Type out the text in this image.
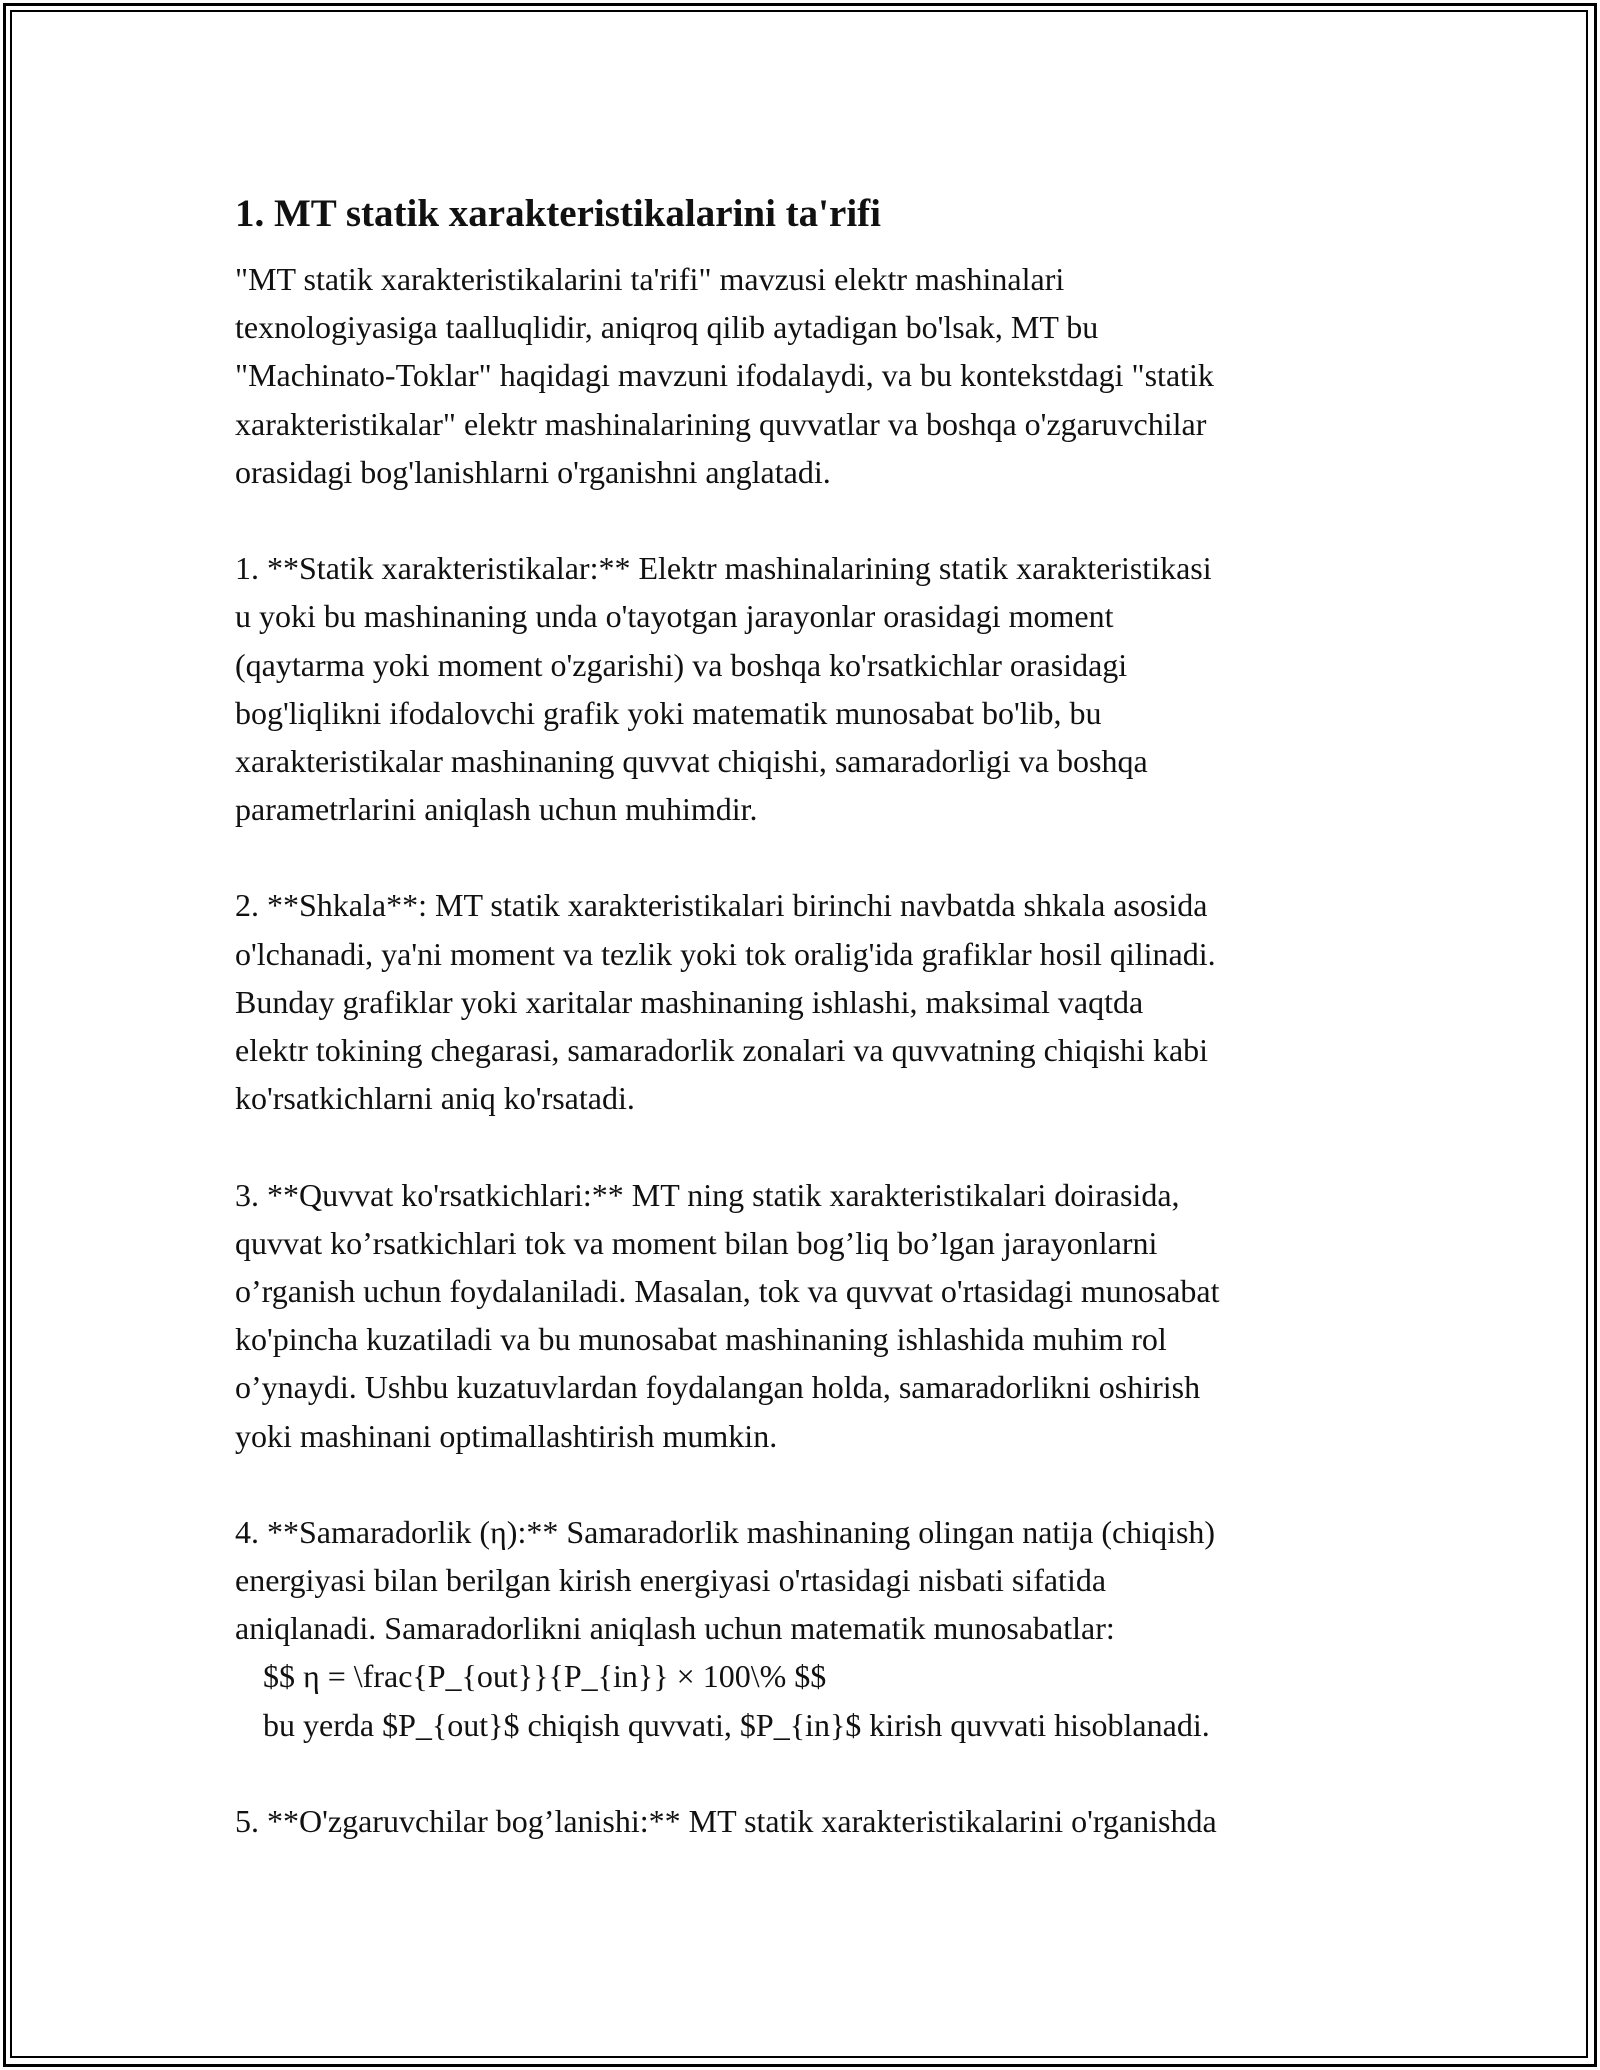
1. MT statik xarakteristikalarini ta'rifi
"MT statik xarakteristikalarini ta'rifi" mavzusi elektr mashinalari
texnologiyasiga taalluqlidir, aniqroq qilib aytadigan bo'lsak, MT bu
"Machinato-Toklar" haqidagi mavzuni ifodalaydi, va bu kontekstdagi "statik
xarakteristikalar" elektr mashinalarining quvvatlar va boshqa o'zgaruvchilar
orasidagi bog'lanishlarni o'rganishni anglatadi.
1. **Statik xarakteristikalar:** Elektr mashinalarining statik xarakteristikasi
u yoki bu mashinaning unda o'tayotgan jarayonlar orasidagi moment
(qaytarma yoki moment o'zgarishi) va boshqa ko'rsatkichlar orasidagi
bog'liqlikni ifodalovchi grafik yoki matematik munosabat bo'lib, bu
xarakteristikalar mashinaning quvvat chiqishi, samaradorligi va boshqa
parametrlarini aniqlash uchun muhimdir.
2. **Shkala**: MT statik xarakteristikalari birinchi navbatda shkala asosida
o'lchanadi, ya'ni moment va tezlik yoki tok oralig'ida grafiklar hosil qilinadi.
Bunday grafiklar yoki xaritalar mashinaning ishlashi, maksimal vaqtda
elektr tokining chegarasi, samaradorlik zonalari va quvvatning chiqishi kabi
ko'rsatkichlarni aniq ko'rsatadi.
3. **Quvvat ko'rsatkichlari:** MT ning statik xarakteristikalari doirasida,
quvvat ko’rsatkichlari tok va moment bilan bog’liq bo’lgan jarayonlarni
o’rganish uchun foydalaniladi. Masalan, tok va quvvat o'rtasidagi munosabat
ko'pincha kuzatiladi va bu munosabat mashinaning ishlashida muhim rol
o’ynaydi. Ushbu kuzatuvlardan foydalangan holda, samaradorlikni oshirish
yoki mashinani optimallashtirish mumkin.
4. **Samaradorlik (η):** Samaradorlik mashinaning olingan natija (chiqish)
energiyasi bilan berilgan kirish energiyasi o'rtasidagi nisbati sifatida
aniqlanadi. Samaradorlikni aniqlash uchun matematik munosabatlar:
$$ η = \frac{P_{out}}{P_{in}} × 100\% $$
bu yerda $P_{out}$ chiqish quvvati, $P_{in}$ kirish quvvati hisoblanadi.
5. **O'zgaruvchilar bog’lanishi:** MT statik xarakteristikalarini o'rganishda
